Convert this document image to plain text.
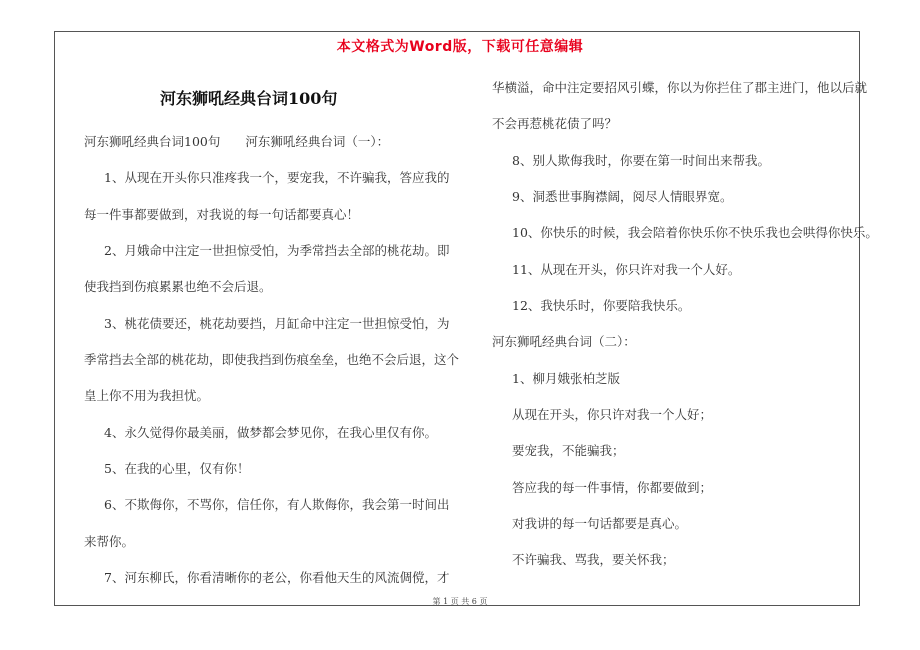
本文格式为Word版，下载可任意编辑
河东狮吼经典台词100句
河东狮吼经典台词100句　　河东狮吼经典台词（一）：
1、从现在开头你只准疼我一个，要宠我，不许骗我，答应我的
每一件事都要做到，对我说的每一句话都要真心！
2、月娥命中注定一世担惊受怕，为季常挡去全部的桃花劫。即
使我挡到伤痕累累也绝不会后退。
3、桃花债要还，桃花劫要挡，月缸命中注定一世担惊受怕，为
季常挡去全部的桃花劫，即使我挡到伤痕垒垒，也绝不会后退，这个
皇上你不用为我担忧。
4、永久觉得你最美丽，做梦都会梦见你，在我心里仅有你。
5、在我的心里，仅有你！
6、不欺侮你，不骂你，信任你，有人欺侮你，我会第一时间出
来帮你。
7、河东柳氏，你看清晰你的老公，你看他天生的风流倜傥，才
华横溢，命中注定要招风引蝶，你以为你拦住了郡主进门，他以后就
不会再惹桃花债了吗？
8、别人欺侮我时，你要在第一时间出来帮我。
9、洞悉世事胸襟阔，阅尽人情眼界宽。
10、你快乐的时候，我会陪着你快乐你不快乐我也会哄得你快乐。
11、从现在开头，你只许对我一个人好。
12、我快乐时，你要陪我快乐。
河东狮吼经典台词（二）：
1、柳月娥张柏芝版
从现在开头，你只许对我一个人好；
要宠我，不能骗我；
答应我的每一件事情，你都要做到；
对我讲的每一句话都要是真心。
不许骗我、骂我，要关怀我；
第 1 页 共 6 页
